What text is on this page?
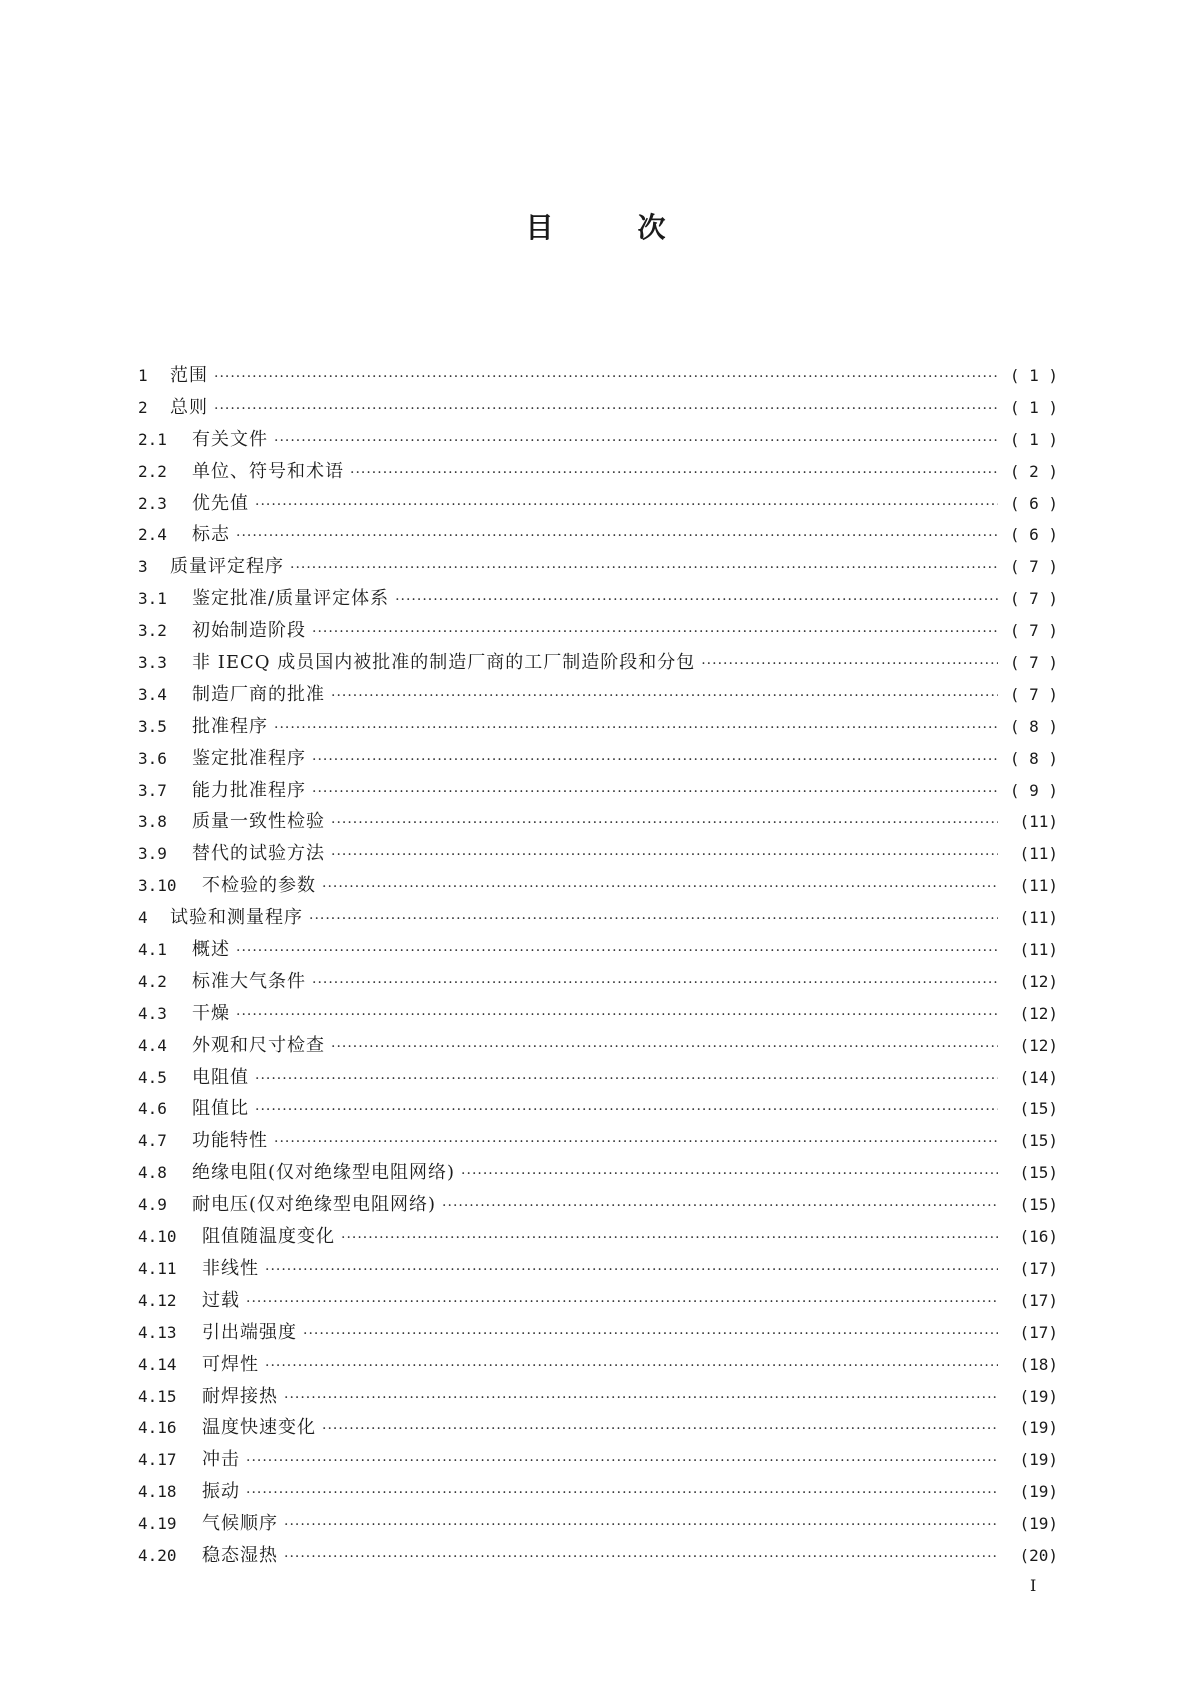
目	次
1	范围 ·····	( 1 )
2	总则 ·····	( 1 )
2.1	有关文件 ·····	( 1 )
2.2	单位、符号和术语 ·····	( 2 )
2.3	优先值 ·····	( 6 )
2.4	标志 ·····	( 6 )
3	质量评定程序 ·····	( 7 )
3.1	鉴定批准/质量评定体系 ·····	( 7 )
3.2	初始制造阶段 ·····	( 7 )
3.3	非 IECQ 成员国内被批准的制造厂商的工厂制造阶段和分包 ·····	( 7 )
3.4	制造厂商的批准 ·····	( 7 )
3.5	批准程序 ·····	( 8 )
3.6	鉴定批准程序 ·····	( 8 )
3.7	能力批准程序 ·····	( 9 )
3.8	质量一致性检验 ·····	(11)
3.9	替代的试验方法 ·····	(11)
3.10	不检验的参数 ·····	(11)
4	试验和测量程序 ·····	(11)
4.1	概述 ·····	(11)
4.2	标准大气条件 ·····	(12)
4.3	干燥 ·····	(12)
4.4	外观和尺寸检查 ·····	(12)
4.5	电阻值 ·····	(14)
4.6	阻值比 ·····	(15)
4.7	功能特性 ·····	(15)
4.8	绝缘电阻(仅对绝缘型电阻网络) ·····	(15)
4.9	耐电压(仅对绝缘型电阻网络) ·····	(15)
4.10	阻值随温度变化 ·····	(16)
4.11	非线性 ·····	(17)
4.12	过载 ·····	(17)
4.13	引出端强度 ·····	(17)
4.14	可焊性 ·····	(18)
4.15	耐焊接热 ·····	(19)
4.16	温度快速变化 ·····	(19)
4.17	冲击 ·····	(19)
4.18	振动 ·····	(19)
4.19	气候顺序 ·····	(19)
4.20	稳态湿热 ·····	(20)
I
